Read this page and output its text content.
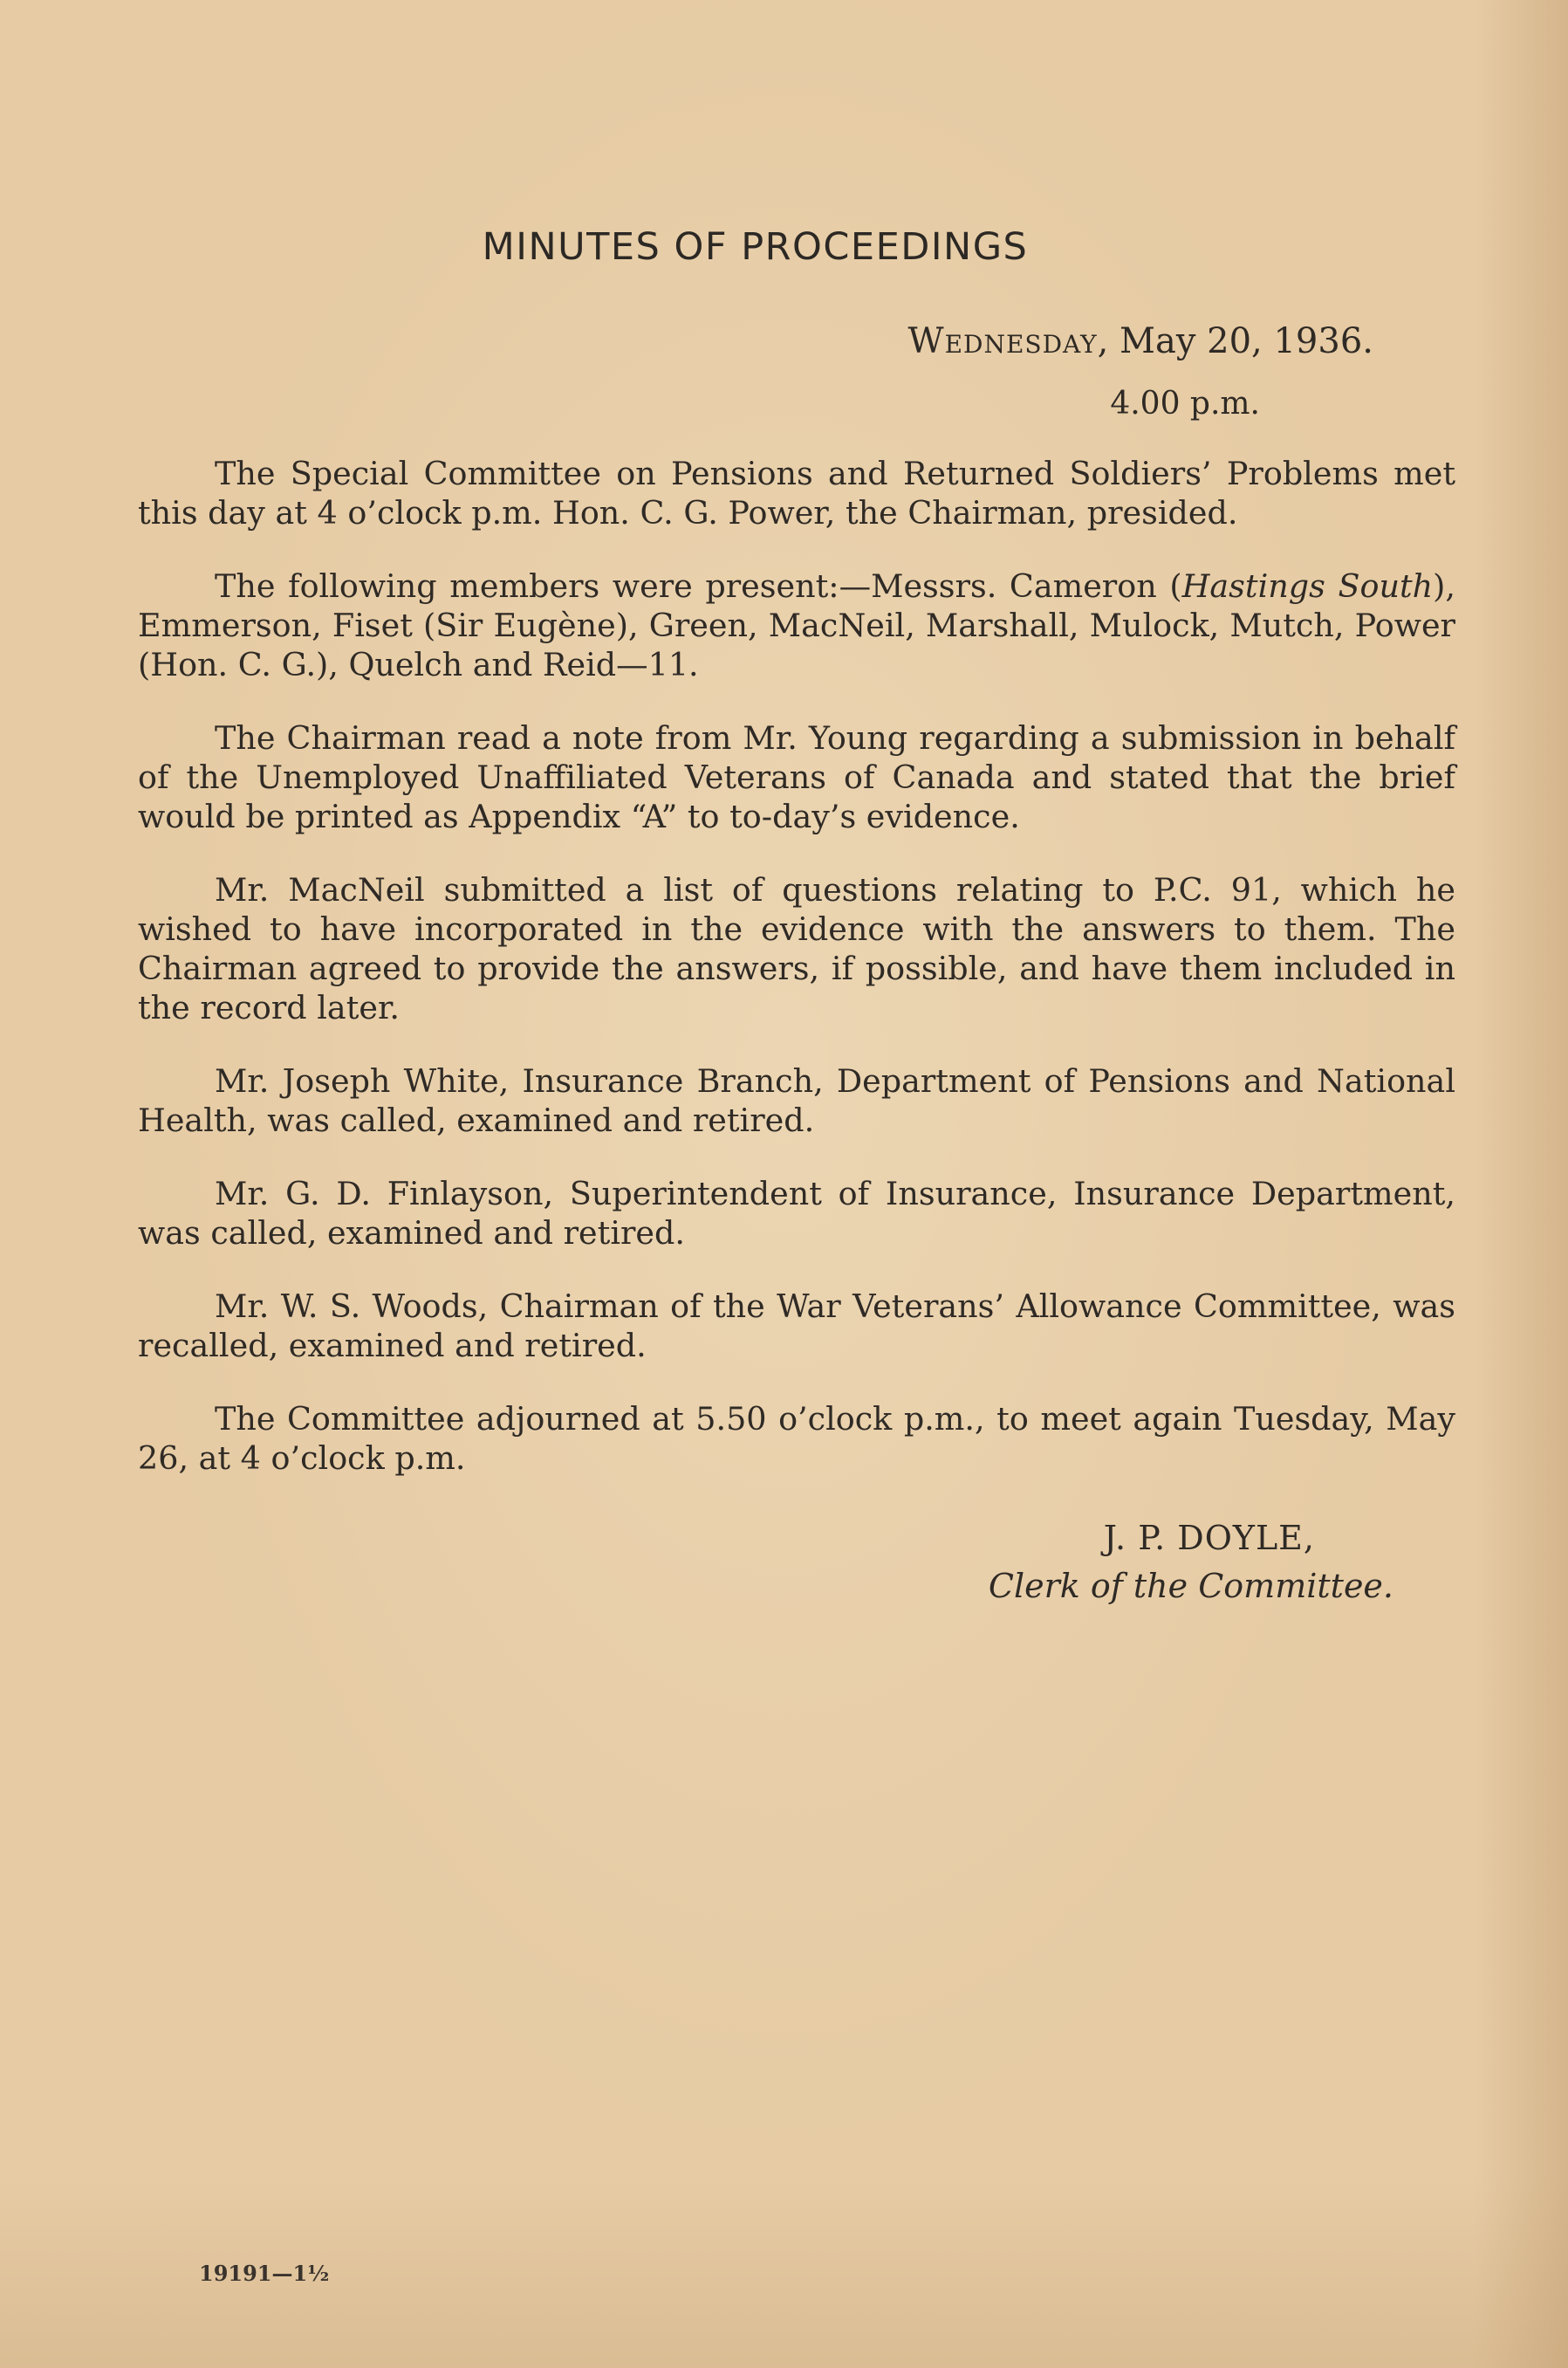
MINUTES OF PROCEEDINGS
Wednesday, May 20, 1936.
4.00 p.m.

The Special Committee on Pensions and Returned Soldiers’ Problems met this day at 4 o’clock p.m. Hon. C. G. Power, the Chairman, presided.

The following members were present:—Messrs. Cameron (Hastings South), Emmerson, Fiset (Sir Eugène), Green, MacNeil, Marshall, Mulock, Mutch, Power (Hon. C. G.), Quelch and Reid—11.

The Chairman read a note from Mr. Young regarding a submission in behalf of the Unemployed Unaffiliated Veterans of Canada and stated that the brief would be printed as Appendix “A” to to-day’s evidence.

Mr. MacNeil submitted a list of questions relating to P.C. 91, which he wished to have incorporated in the evidence with the answers to them. The Chairman agreed to provide the answers, if possible, and have them included in the record later.

Mr. Joseph White, Insurance Branch, Department of Pensions and National Health, was called, examined and retired.

Mr. G. D. Finlayson, Superintendent of Insurance, Insurance Department, was called, examined and retired.

Mr. W. S. Woods, Chairman of the War Veterans’ Allowance Committee, was recalled, examined and retired.

The Committee adjourned at 5.50 o’clock p.m., to meet again Tuesday, May 26, at 4 o’clock p.m.

J. P. DOYLE,
Clerk of the Committee.
19191—1½
